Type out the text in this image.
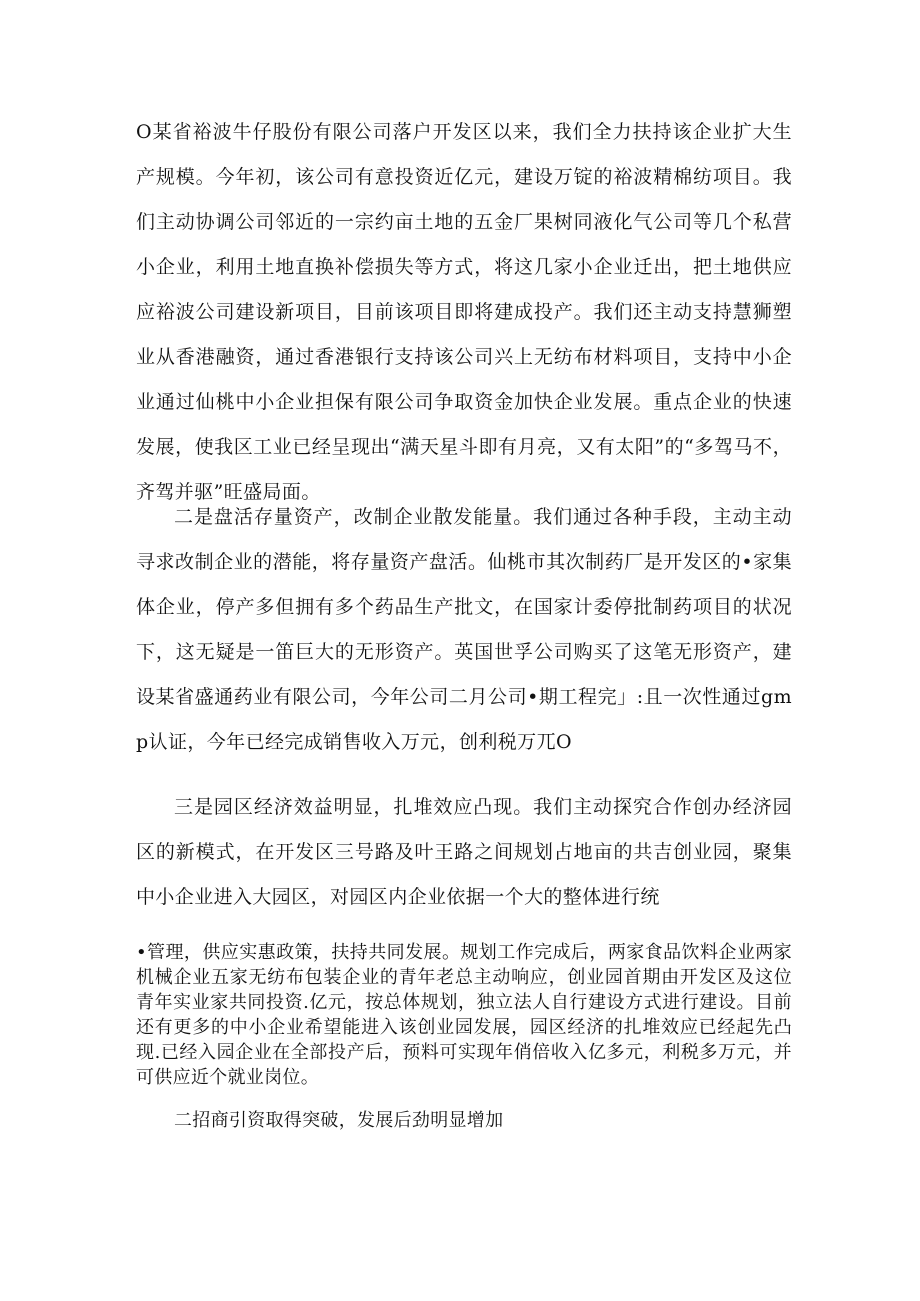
O某省裕波牛仔股份有限公司落户开发区以来，我们全力扶持该企业扩大生产规模。今年初，该公司有意投资近亿元，建设万锭的裕波精棉纺项目。我们主动协调公司邻近的一宗约亩土地的五金厂果树同液化气公司等几个私营小企业，利用土地直换补偿损失等方式，将这几家小企业迁出，把土地供应应裕波公司建设新项目，目前该项目即将建成投产。我们还主动支持慧狮塑业从香港融资，通过香港银行支持该公司兴上无纺布材料项目，支持中小企业通过仙桃中小企业担保有限公司争取资金加快企业发展。重点企业的快速发展，使我区工业已经呈现出“满天星斗即有月亮，又有太阳”的“多驾马不，齐驾并驱”旺盛局面。

二是盘活存量资产，改制企业散发能量。我们通过各种手段，主动主动寻求改制企业的潜能，将存量资产盘活。仙桃市其次制药厂是开发区的•家集体企业，停产多但拥有多个药品生产批文，在国家计委停批制药项目的状况下，这无疑是一笛巨大的无形资产。英国世孚公司购买了这笔无形资产，建设某省盛通药业有限公司，今年公司二月公司•期工程完」:且一次性通过gmp认证，今年已经完成销售收入万元，创利税万兀O

三是园区经济效益明显，扎堆效应凸现。我们主动探究合作创办经济园区的新模式，在开发区三号路及叶王路之间规划占地亩的共吉创业园，聚集中小企业进入大园区，对园区内企业依据一个大的整体进行统

•管理，供应实惠政策，扶持共同发展。规划工作完成后，两家食品饮料企业两家机械企业五家无纺布包装企业的青年老总主动响应，创业园首期由开发区及这位青年实业家共同投资.亿元，按总体规划，独立法人自行建设方式进行建设。目前还有更多的中小企业希望能进入该创业园发展，园区经济的扎堆效应已经起先凸现.已经入园企业在全部投产后，预料可实现年俏倍收入亿多元，利税多万元，并可供应近个就业岗位。

二招商引资取得突破，发展后劲明显增加
